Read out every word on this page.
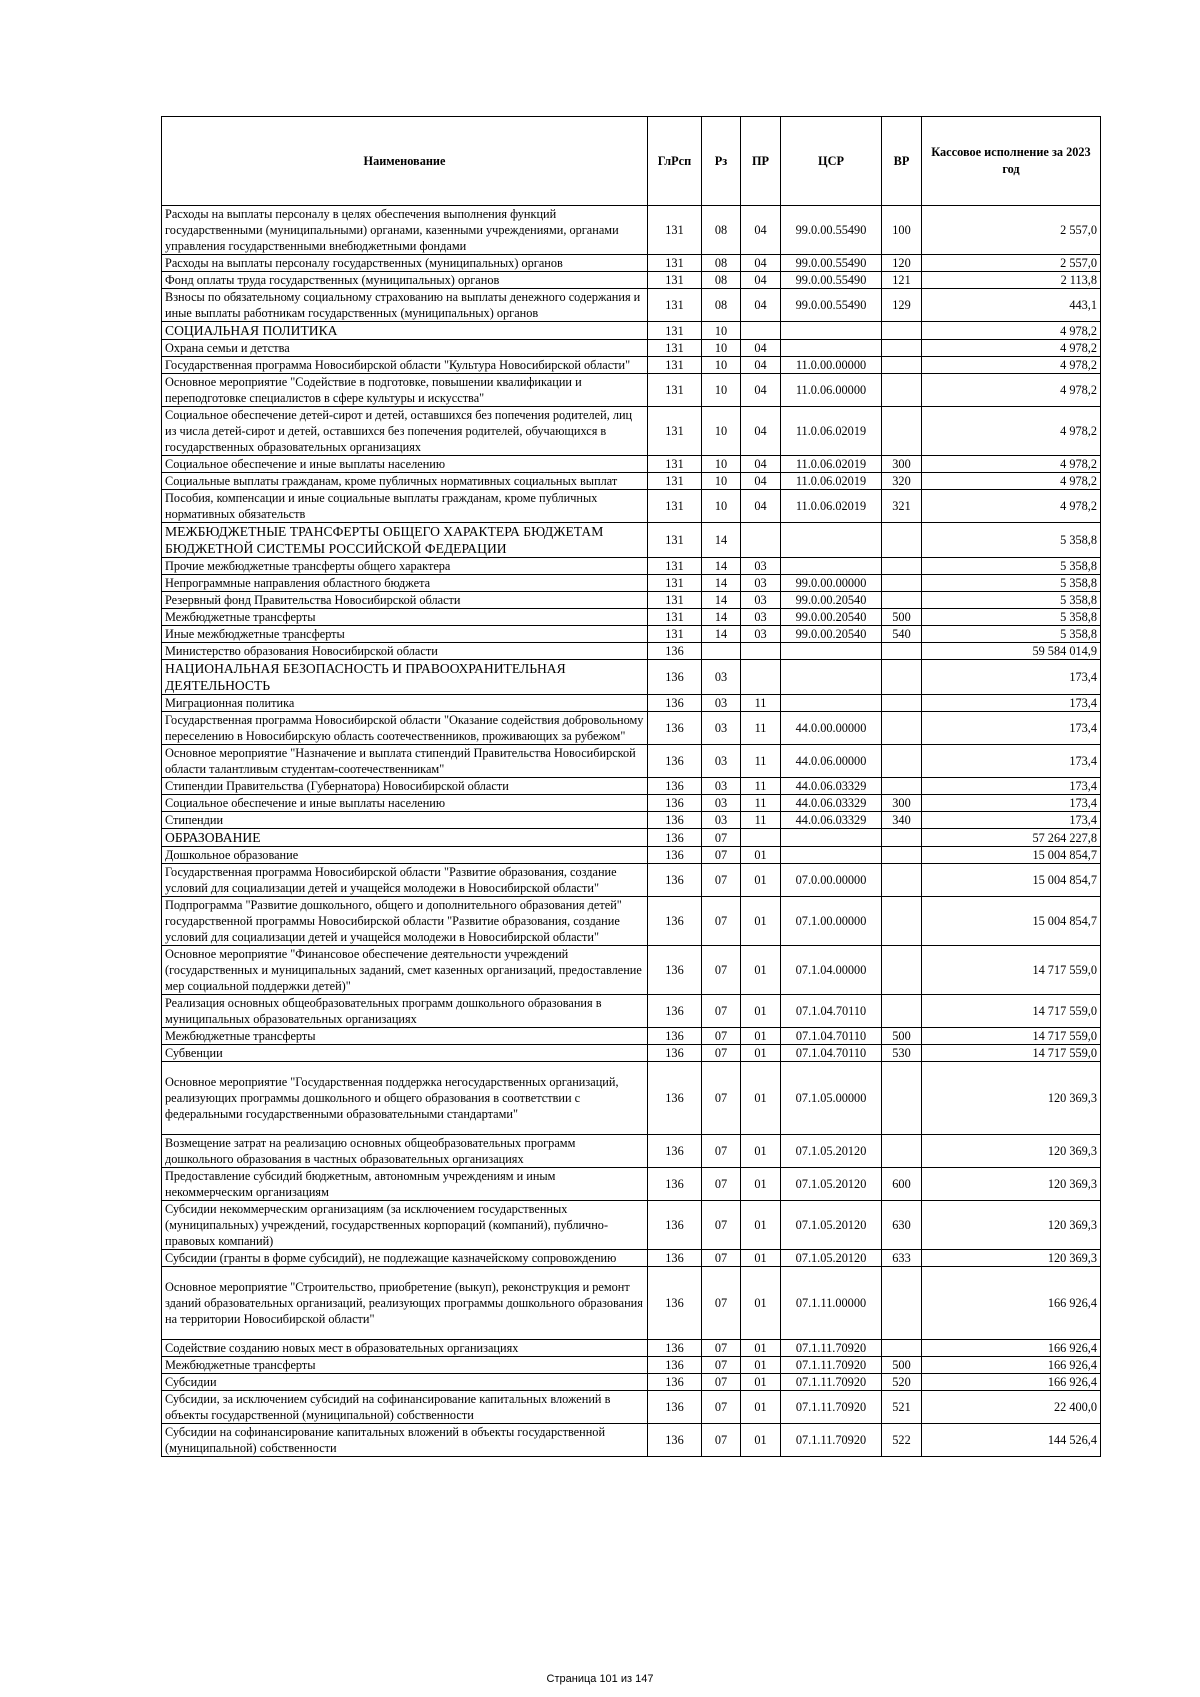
Наименование	ГлРсп	Рз	ПР	ЦСР	ВР	Кассовое исполнение за 2023 год
Расходы на выплаты персоналу в целях обеспечения выполнения функций государственными (муниципальными) органами, казенными учреждениями, органами управления государственными внебюджетными фондами	131	08	04	99.0.00.55490	100	2 557,0
Расходы на выплаты персоналу государственных (муниципальных) органов	131	08	04	99.0.00.55490	120	2 557,0
Фонд оплаты труда государственных (муниципальных) органов	131	08	04	99.0.00.55490	121	2 113,8
Взносы по обязательному социальному страхованию на выплаты денежного содержания и иные выплаты работникам государственных (муниципальных) органов	131	08	04	99.0.00.55490	129	443,1
СОЦИАЛЬНАЯ ПОЛИТИКА	131	10				4 978,2
Охрана семьи и детства	131	10	04			4 978,2
Государственная программа Новосибирской области "Культура Новосибирской области"	131	10	04	11.0.00.00000		4 978,2
Основное мероприятие "Содействие в подготовке, повышении квалификации и переподготовке специалистов в сфере культуры и искусства"	131	10	04	11.0.06.00000		4 978,2
Социальное обеспечение детей-сирот и детей, оставшихся без попечения родителей, лиц из числа детей-сирот и детей, оставшихся без попечения родителей, обучающихся в государственных образовательных организациях	131	10	04	11.0.06.02019		4 978,2
Социальное обеспечение и иные выплаты населению	131	10	04	11.0.06.02019	300	4 978,2
Социальные выплаты гражданам, кроме публичных нормативных социальных выплат	131	10	04	11.0.06.02019	320	4 978,2
Пособия, компенсации и иные социальные выплаты гражданам, кроме публичных нормативных обязательств	131	10	04	11.0.06.02019	321	4 978,2
МЕЖБЮДЖЕТНЫЕ ТРАНСФЕРТЫ ОБЩЕГО ХАРАКТЕРА БЮДЖЕТАМ БЮДЖЕТНОЙ СИСТЕМЫ РОССИЙСКОЙ ФЕДЕРАЦИИ	131	14				5 358,8
Прочие межбюджетные трансферты общего характера	131	14	03			5 358,8
Непрограммные направления областного бюджета	131	14	03	99.0.00.00000		5 358,8
Резервный фонд Правительства Новосибирской области	131	14	03	99.0.00.20540		5 358,8
Межбюджетные трансферты	131	14	03	99.0.00.20540	500	5 358,8
Иные межбюджетные трансферты	131	14	03	99.0.00.20540	540	5 358,8
Министерство образования Новосибирской области	136					59 584 014,9
НАЦИОНАЛЬНАЯ БЕЗОПАСНОСТЬ И ПРАВООХРАНИТЕЛЬНАЯ ДЕЯТЕЛЬНОСТЬ	136	03				173,4
Миграционная политика	136	03	11			173,4
Государственная программа Новосибирской области "Оказание содействия добровольному переселению в Новосибирскую область соотечественников, проживающих за рубежом"	136	03	11	44.0.00.00000		173,4
Основное мероприятие "Назначение и выплата стипендий Правительства Новосибирской области талантливым студентам-соотечественникам"	136	03	11	44.0.06.00000		173,4
Стипендии Правительства (Губернатора) Новосибирской области	136	03	11	44.0.06.03329		173,4
Социальное обеспечение и иные выплаты населению	136	03	11	44.0.06.03329	300	173,4
Стипендии	136	03	11	44.0.06.03329	340	173,4
ОБРАЗОВАНИЕ	136	07				57 264 227,8
Дошкольное образование	136	07	01			15 004 854,7
Государственная программа Новосибирской области "Развитие образования, создание условий для социализации детей и учащейся молодежи в Новосибирской области"	136	07	01	07.0.00.00000		15 004 854,7
Подпрограмма "Развитие дошкольного, общего и дополнительного образования детей" государственной программы Новосибирской области "Развитие образования, создание условий для социализации детей и учащейся молодежи в Новосибирской области"	136	07	01	07.1.00.00000		15 004 854,7
Основное мероприятие "Финансовое обеспечение деятельности учреждений (государственных и муниципальных заданий, смет казенных организаций, предоставление мер социальной поддержки детей)"	136	07	01	07.1.04.00000		14 717 559,0
Реализация основных общеобразовательных программ дошкольного образования в муниципальных образовательных организациях	136	07	01	07.1.04.70110		14 717 559,0
Межбюджетные трансферты	136	07	01	07.1.04.70110	500	14 717 559,0
Субвенции	136	07	01	07.1.04.70110	530	14 717 559,0
Основное мероприятие "Государственная поддержка негосударственных организаций, реализующих программы дошкольного и общего образования в соответствии с федеральными государственными образовательными стандартами"	136	07	01	07.1.05.00000		120 369,3
Возмещение затрат на реализацию основных общеобразовательных программ дошкольного образования в частных образовательных организациях	136	07	01	07.1.05.20120		120 369,3
Предоставление субсидий бюджетным, автономным учреждениям и иным некоммерческим организациям	136	07	01	07.1.05.20120	600	120 369,3
Субсидии некоммерческим организациям (за исключением государственных (муниципальных) учреждений, государственных корпораций (компаний), публично-правовых компаний)	136	07	01	07.1.05.20120	630	120 369,3
Субсидии (гранты в форме субсидий), не подлежащие казначейскому сопровождению	136	07	01	07.1.05.20120	633	120 369,3
Основное мероприятие "Строительство, приобретение (выкуп), реконструкция и ремонт зданий образовательных организаций, реализующих программы дошкольного образования на территории Новосибирской области"	136	07	01	07.1.11.00000		166 926,4
Содействие созданию новых мест в образовательных организациях	136	07	01	07.1.11.70920		166 926,4
Межбюджетные трансферты	136	07	01	07.1.11.70920	500	166 926,4
Субсидии	136	07	01	07.1.11.70920	520	166 926,4
Субсидии, за исключением субсидий на софинансирование капитальных вложений в объекты государственной (муниципальной) собственности	136	07	01	07.1.11.70920	521	22 400,0
Субсидии на софинансирование капитальных вложений в объекты государственной (муниципальной) собственности	136	07	01	07.1.11.70920	522	144 526,4
Страница 101 из 147
